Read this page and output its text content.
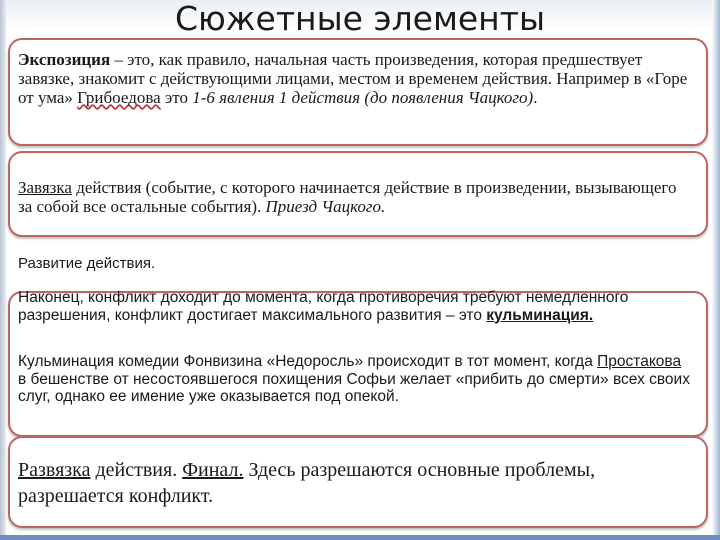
Сюжетные элементы
Экспозиция – это, как правило, начальная часть произведения, которая предшествует завязке, знакомит с действующими лицами, местом и временем действия. Например в «Горе от ума» Грибоедова это 1-6 явления 1 действия (до появления Чацкого).
Завязка действия (событие, с которого начинается действие в произведении, вызывающего за собой все остальные события). Приезд Чацкого.
Развитие действия.
Наконец, конфликт доходит до момента, когда противоречия требуют немедленного разрешения, конфликт достигает максимального развития – это кульминация.
Кульминация комедии Фонвизина «Недоросль» происходит в тот момент, когда Простакова в бешенстве от несостоявшегося похищения Софьи желает «прибить до смерти» всех своих слуг, однако ее имение уже оказывается под опекой.
Развязка действия. Финал. Здесь разрешаются основные проблемы, разрешается конфликт.
